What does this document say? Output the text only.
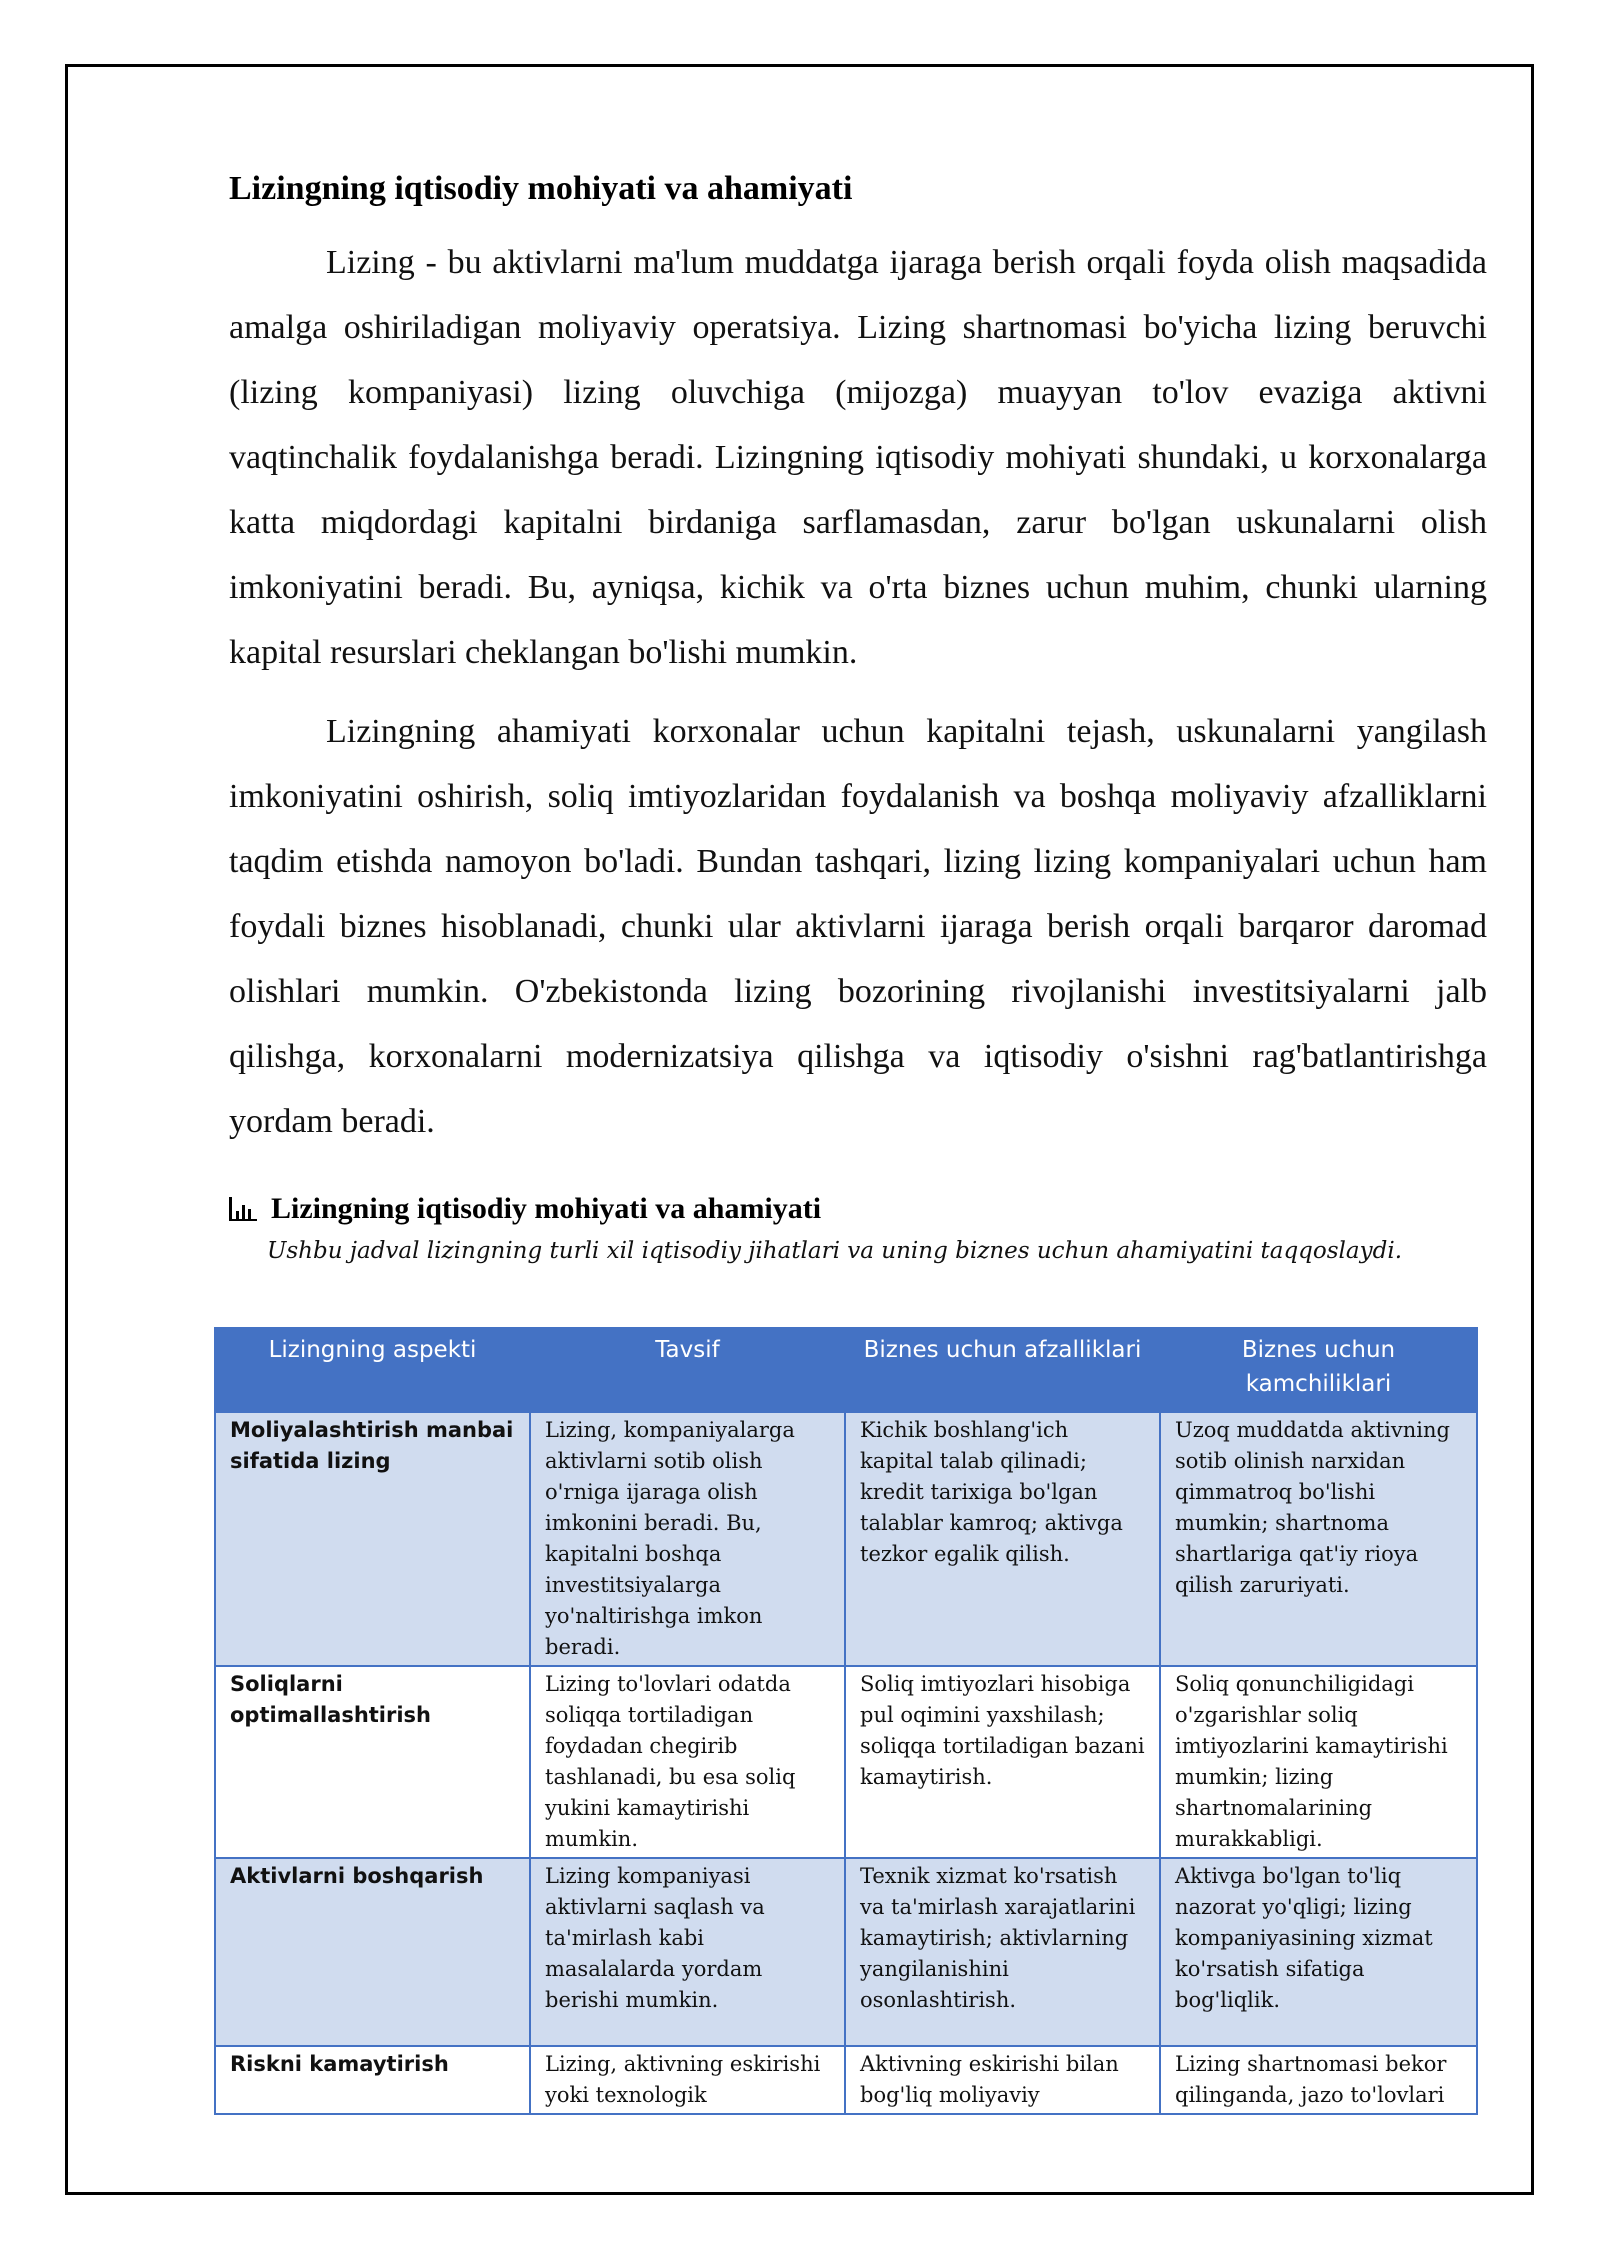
Lizingning iqtisodiy mohiyati va ahamiyati

Lizing - bu aktivlarni ma'lum muddatga ijaraga berish orqali foyda olish maqsadida amalga oshiriladigan moliyaviy operatsiya. Lizing shartnomasi bo'yicha lizing beruvchi (lizing kompaniyasi) lizing oluvchiga (mijozga) muayyan to'lov evaziga aktivni vaqtinchalik foydalanishga beradi. Lizingning iqtisodiy mohiyati shundaki, u korxonalarga katta miqdordagi kapitalni birdaniga sarflamasdan, zarur bo'lgan uskunalarni olish imkoniyatini beradi. Bu, ayniqsa, kichik va o'rta biznes uchun muhim, chunki ularning kapital resurslari cheklangan bo'lishi mumkin.

Lizingning ahamiyati korxonalar uchun kapitalni tejash, uskunalarni yangilash imkoniyatini oshirish, soliq imtiyozlaridan foydalanish va boshqa moliyaviy afzalliklarni taqdim etishda namoyon bo'ladi. Bundan tashqari, lizing lizing kompaniyalari uchun ham foydali biznes hisoblanadi, chunki ular aktivlarni ijaraga berish orqali barqaror daromad olishlari mumkin. O'zbekistonda lizing bozorining rivojlanishi investitsiyalarni jalb qilishga, korxonalarni modernizatsiya qilishga va iqtisodiy o'sishni rag'batlantirishga yordam beradi.

Lizingning iqtisodiy mohiyati va ahamiyati
Ushbu jadval lizingning turli xil iqtisodiy jihatlari va uning biznes uchun ahamiyatini taqqoslaydi.
Lizingning aspekti	Tavsif	Biznes uchun afzalliklari	Biznes uchun kamchiliklari
Moliyalashtirish manbai sifatida lizing	Lizing, kompaniyalarga aktivlarni sotib olish o'rniga ijaraga olish imkonini beradi. Bu, kapitalni boshqa investitsiyalarga yo'naltirishga imkon beradi.	Kichik boshlang'ich kapital talab qilinadi; kredit tarixiga bo'lgan talablar kamroq; aktivga tezkor egalik qilish.	Uzoq muddatda aktivning sotib olinish narxidan qimmatroq bo'lishi mumkin; shartnoma shartlariga qat'iy rioya qilish zaruriyati.
Soliqlarni optimallashtirish	Lizing to'lovlari odatda soliqqa tortiladigan foydadan chegirib tashlanadi, bu esa soliq yukini kamaytirishi mumkin.	Soliq imtiyozlari hisobiga pul oqimini yaxshilash; soliqqa tortiladigan bazani kamaytirish.	Soliq qonunchiligidagi o'zgarishlar soliq imtiyozlarini kamaytirishi mumkin; lizing shartnomalarining murakkabligi.
Aktivlarni boshqarish	Lizing kompaniyasi aktivlarni saqlash va ta'mirlash kabi masalalarda yordam berishi mumkin.	Texnik xizmat ko'rsatish va ta'mirlash xarajatlarini kamaytirish; aktivlarning yangilanishini osonlashtirish.	Aktivga bo'lgan to'liq nazorat yo'qligi; lizing kompaniyasining xizmat ko'rsatish sifatiga bog'liqlik.
Riskni kamaytirish	Lizing, aktivning eskirishi yoki texnologik	Aktivning eskirishi bilan bog'liq moliyaviy	Lizing shartnomasi bekor qilinganda, jazo to'lovlari
